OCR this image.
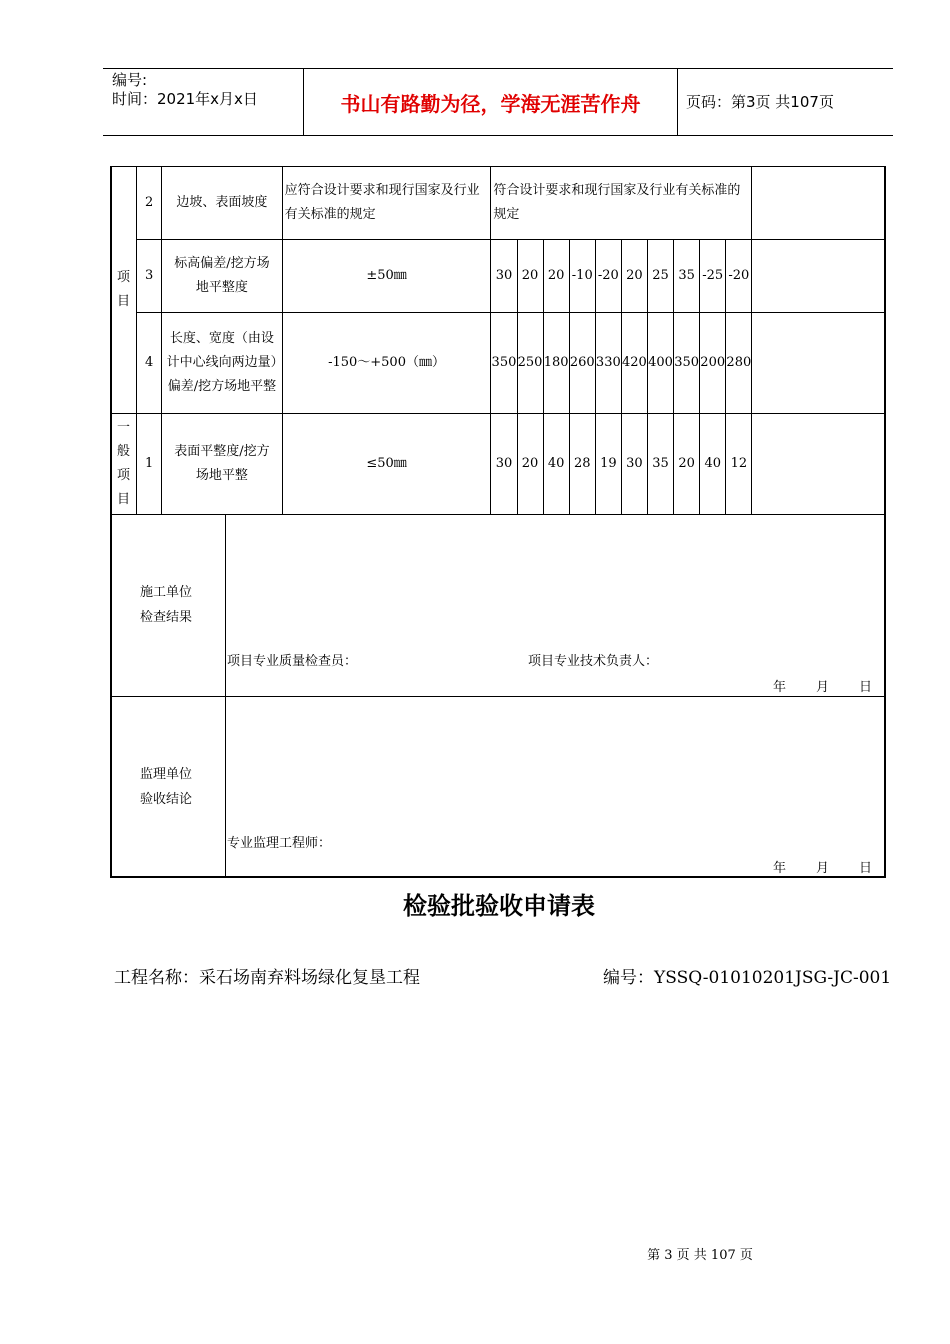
编号:
时间：2021年x月x日	书山有路勤为径，学海无涯苦作舟	页码：第3页 共107页
项目	2	边坡、表面坡度	应符合设计要求和现行国家及行业有关标准的规定	符合设计要求和现行国家及行业有关标准的规定										
	3	标高偏差/挖方场地平整度	±50㎜	30	20	20	-10	-20	20	25	35	-25	-20	
	4	长度、宽度（由设计中心线向两边量）偏差/挖方场地平整	-150～+500（㎜）	350	250	180	260	330	420	400	350	200	280	

一般项目	1	表面平整度/挖方场地平整	≤50㎜	30	20	40	28	19	30	35	20	40	12	
施工单位检查结果
项目专业质量检查员：	项目专业技术负责人：
年 月 日
监理单位验收结论
专业监理工程师：
年 月 日
检验批验收申请表
工程名称：采石场南弃料场绿化复垦工程	编号：YSSQ-01010201JSG-JC-001
第 3 页 共 107 页
